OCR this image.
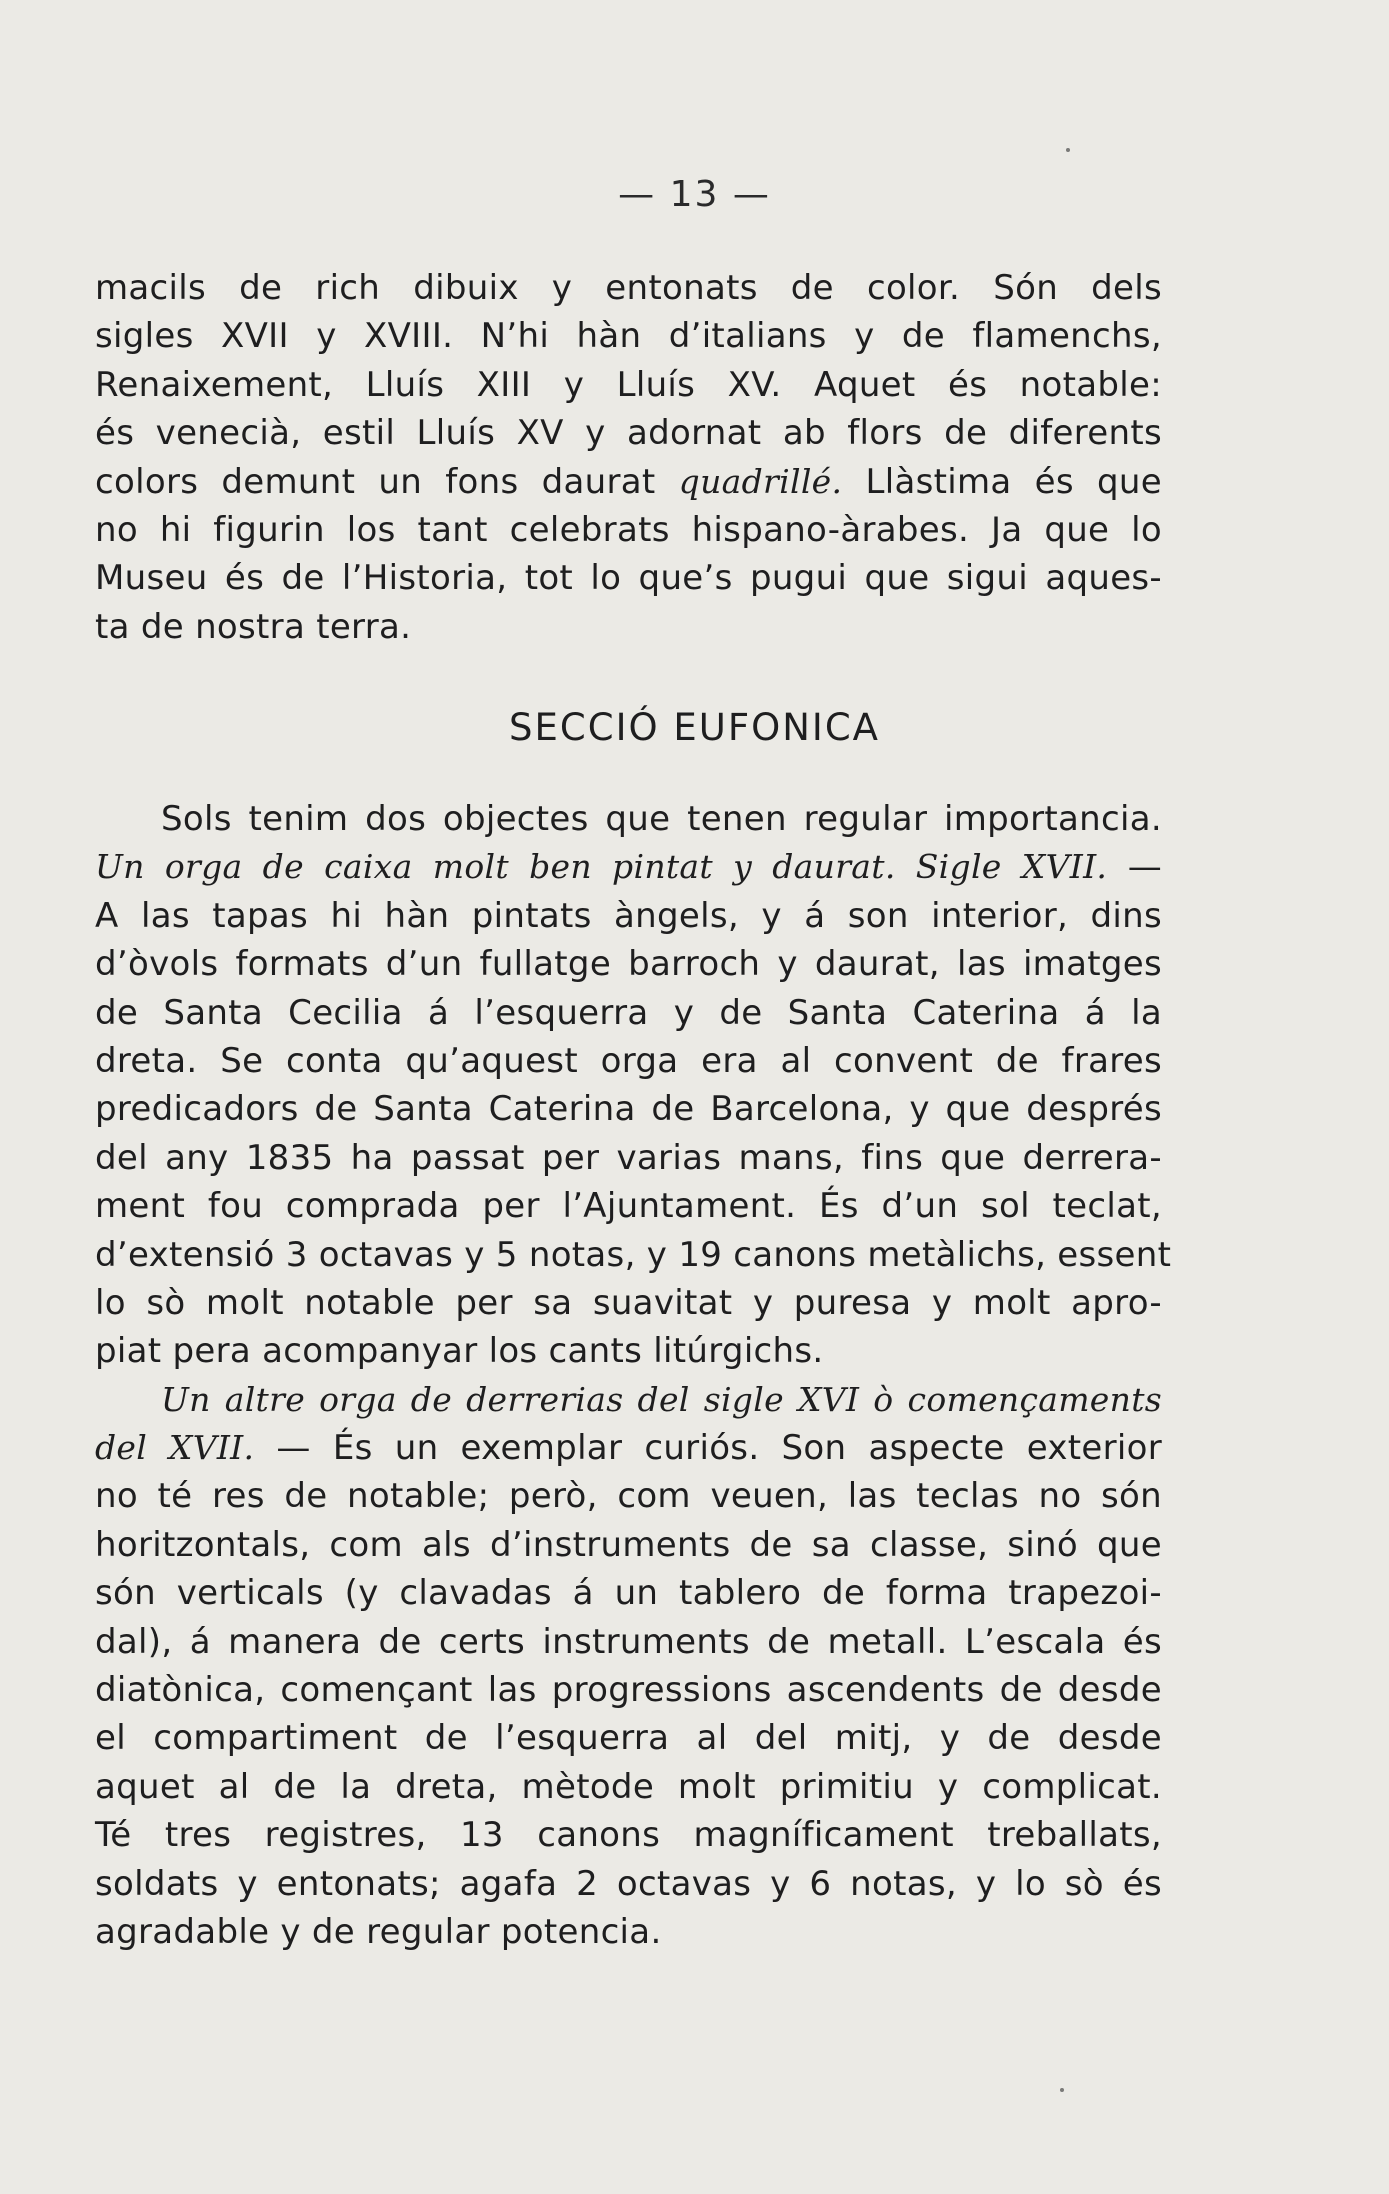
— 13 —

macils de rich dibuix y entonats de color. Són dels
sigles XVII y XVIII. N’hi hàn d’italians y de flamenchs,
Renaixement, Lluís XIII y Lluís XV. Aquet és notable:
és venecià, estil Lluís XV y adornat ab flors de diferents
colors demunt un fons daurat quadrillé. Llàstima és que
no hi figurin los tant celebrats hispano-àrabes. Ja que lo
Museu és de l’Historia, tot lo que’s pugui que sigui aques-
ta de nostra terra.
SECCIÓ EUFONICA
Sols tenim dos objectes que tenen regular importancia.
Un orga de caixa molt ben pintat y daurat. Sigle XVII. —
A las tapas hi hàn pintats àngels, y á son interior, dins
d’òvols formats d’un fullatge barroch y daurat, las imatges
de Santa Cecilia á l’esquerra y de Santa Caterina á la
dreta. Se conta qu’aquest orga era al convent de frares
predicadors de Santa Caterina de Barcelona, y que després
del any 1835 ha passat per varias mans, fins que derrera-
ment fou comprada per l’Ajuntament. És d’un sol teclat,
d’extensió 3 octavas y 5 notas, y 19 canons metàlichs, essent
lo sò molt notable per sa suavitat y puresa y molt apro-
piat pera acompanyar los cants litúrgichs.
Un altre orga de derrerias del sigle XVI ò començaments
del XVII. — És un exemplar curiós. Son aspecte exterior
no té res de notable; però, com veuen, las teclas no són
horitzontals, com als d’instruments de sa classe, sinó que
són verticals (y clavadas á un tablero de forma trapezoi-
dal), á manera de certs instruments de metall. L’escala és
diatònica, començant las progressions ascendents de desde
el compartiment de l’esquerra al del mitj, y de desde
aquet al de la dreta, mètode molt primitiu y complicat.
Té tres registres, 13 canons magníficament treballats,
soldats y entonats; agafa 2 octavas y 6 notas, y lo sò és
agradable y de regular potencia.
